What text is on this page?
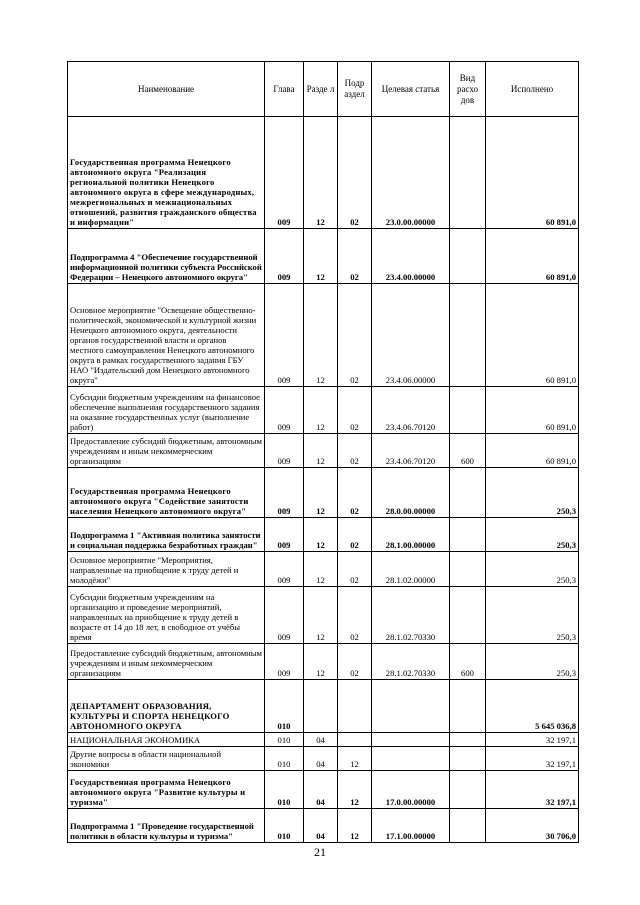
Наименование	Глава	Разде л	Подр аздел	Целевая статья	Вид расхо дов	Исполнено
Государственная программа Ненецкого автономного округа "Реализация региональной политики Ненецкого автономного округа в сфере международных, межрегиональных и межнациональных отношений, развития гражданского общества и информации"	009	12	02	23.0.00.00000		60 891,0
Подпрограмма 4 "Обеспечение государственной информационной политики субъекта Российской Федерации – Ненецкого автономного округа"	009	12	02	23.4.00.00000		60 891,0
Основное мероприятие "Освещение общественно-политической, экономической и культурной жизни Ненецкого автономного округа, деятельности органов государственной власти и органов местного самоуправления Ненецкого автономного округа в рамках государственного задания ГБУ НАО "Издательский дом Ненецкого автономного округа"	009	12	02	23.4.06.00000		60 891,0
Субсидии бюджетным учреждениям на финансовое обеспечение выполнения государственного задания на оказание государственных услуг (выполнение работ)	009	12	02	23.4.06.70120		60 891,0
Предоставление субсидий бюджетным, автономным учреждениям и иным некоммерческим организациям	009	12	02	23.4.06.70120	600	60 891,0
Государственная программа Ненецкого автономного округа "Содействие занятости населения Ненецкого автономного округа"	009	12	02	28.0.00.00000		250,3
Подпрограмма 1 "Активная политика занятости и социальная поддержка безработных граждан"	009	12	02	28.1.00.00000		250,3
Основное мероприятие "Мероприятия, направленные на приобщение к труду детей и молодёжи"	009	12	02	28.1.02.00000		250,3
Субсидии бюджетным учреждениям на организацию и проведение мероприятий, направленных на приобщение к труду детей в возрасте от 14 до 18 лет, в свободное от учёбы время	009	12	02	28.1.02.70330		250,3
Предоставление субсидий бюджетным, автономным учреждениям и иным некоммерческим организациям	009	12	02	28.1.02.70330	600	250,3
ДЕПАРТАМЕНТ ОБРАЗОВАНИЯ, КУЛЬТУРЫ И СПОРТА НЕНЕЦКОГО АВТОНОМНОГО ОКРУГА	010					5 645 036,8
НАЦИОНАЛЬНАЯ ЭКОНОМИКА	010	04				32 197,1
Другие вопросы в области национальной экономики	010	04	12			32 197,1
Государственная программа Ненецкого автономного округа "Развитие культуры и туризма"	010	04	12	17.0.00.00000		32 197,1
Подпрограмма 1 "Проведение государственной политики в области культуры и туризма"	010	04	12	17.1.00.00000		30 706,0
21
